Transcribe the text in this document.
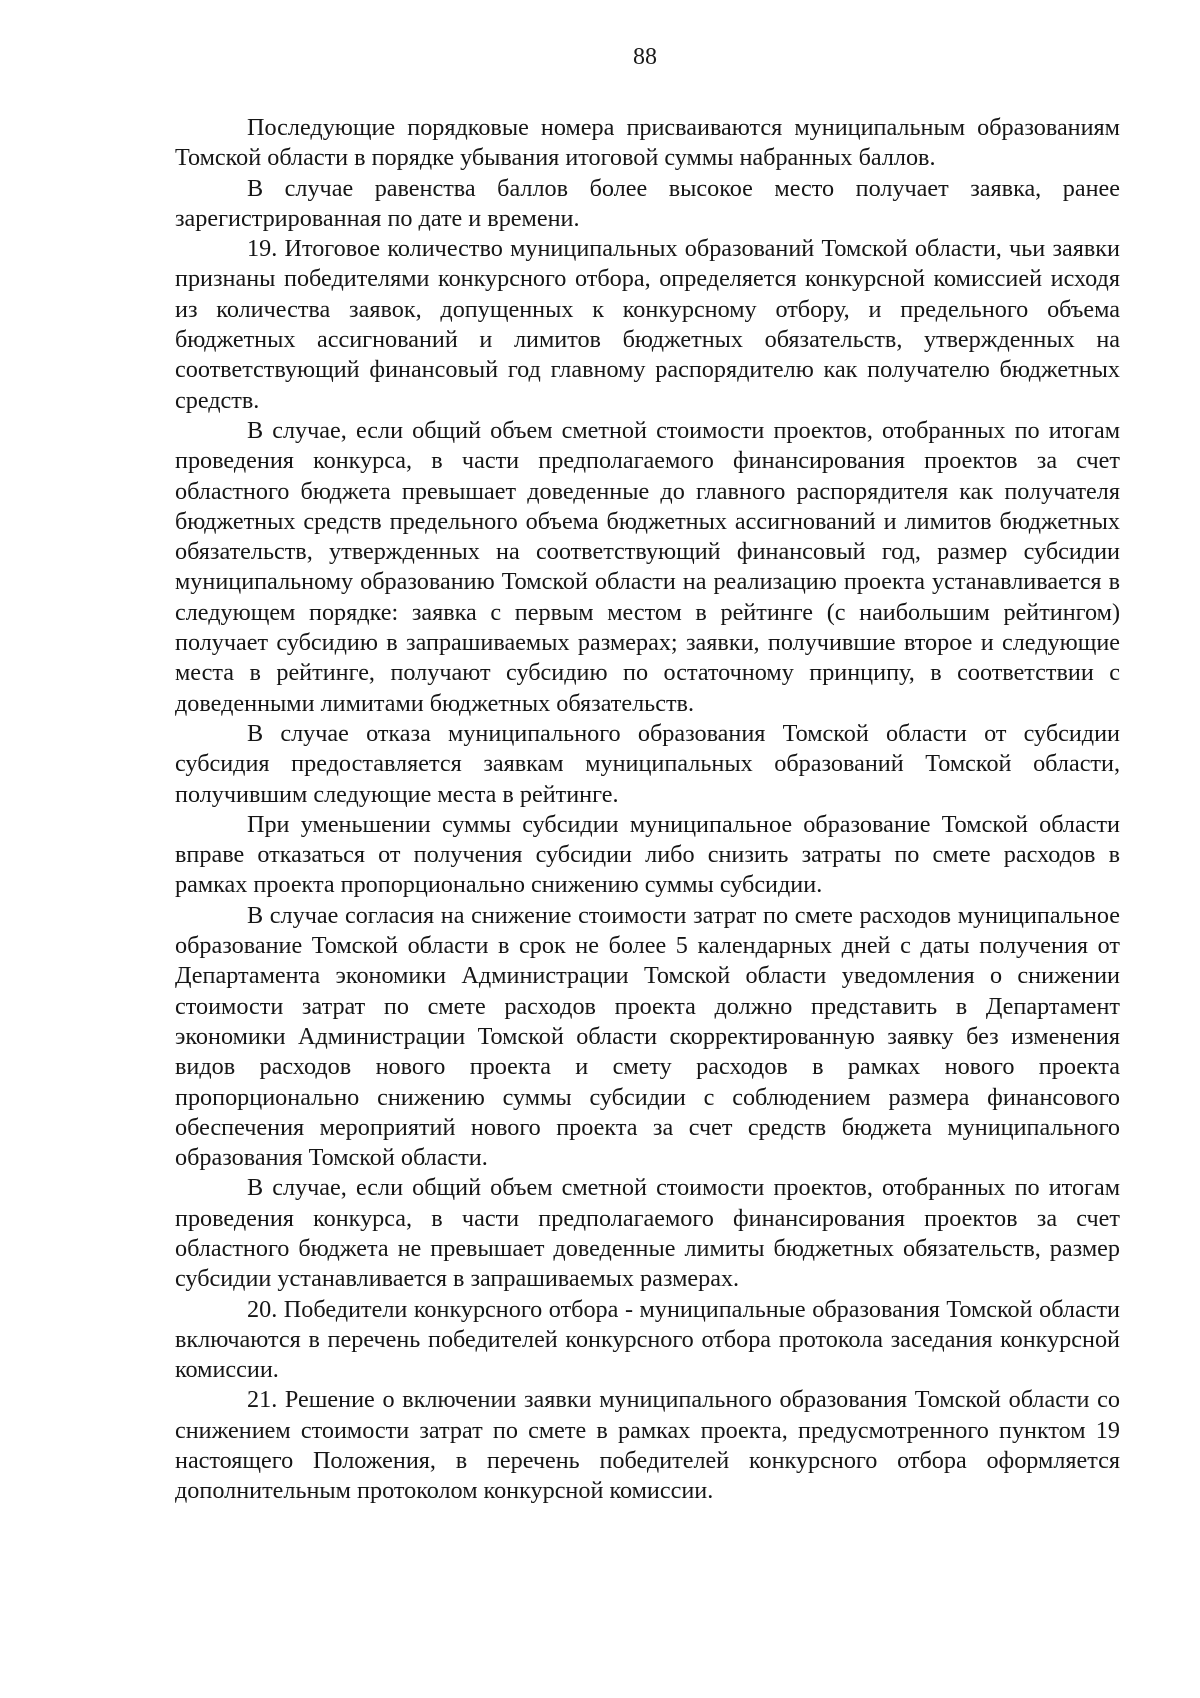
88

Последующие порядковые номера присваиваются муниципальным образованиям Томской области в порядке убывания итоговой суммы набранных баллов.

В случае равенства баллов более высокое место получает заявка, ранее зарегистрированная по дате и времени.

19. Итоговое количество муниципальных образований Томской области, чьи заявки признаны победителями конкурсного отбора, определяется конкурсной комиссией исходя из количества заявок, допущенных к конкурсному отбору, и предельного объема бюджетных ассигнований и лимитов бюджетных обязательств, утвержденных на соответствующий финансовый год главному распорядителю как получателю бюджетных средств.

В случае, если общий объем сметной стоимости проектов, отобранных по итогам проведения конкурса, в части предполагаемого финансирования проектов за счет областного бюджета превышает доведенные до главного распорядителя как получателя бюджетных средств предельного объема бюджетных ассигнований и лимитов бюджетных обязательств, утвержденных на соответствующий финансовый год, размер субсидии муниципальному образованию Томской области на реализацию проекта устанавливается в следующем порядке: заявка с первым местом в рейтинге (с наибольшим рейтингом) получает субсидию в запрашиваемых размерах; заявки, получившие второе и следующие места в рейтинге, получают субсидию по остаточному принципу, в соответствии с доведенными лимитами бюджетных обязательств.

В случае отказа муниципального образования Томской области от субсидии субсидия предоставляется заявкам муниципальных образований Томской области, получившим следующие места в рейтинге.

При уменьшении суммы субсидии муниципальное образование Томской области вправе отказаться от получения субсидии либо снизить затраты по смете расходов в рамках проекта пропорционально снижению суммы субсидии.

В случае согласия на снижение стоимости затрат по смете расходов муниципальное образование Томской области в срок не более 5 календарных дней с даты получения от Департамента экономики Администрации Томской области уведомления о снижении стоимости затрат по смете расходов проекта должно представить в Департамент экономики Администрации Томской области скорректированную заявку без изменения видов расходов нового проекта и смету расходов в рамках нового проекта пропорционально снижению суммы субсидии с соблюдением размера финансового обеспечения мероприятий нового проекта за счет средств бюджета муниципального образования Томской области.

В случае, если общий объем сметной стоимости проектов, отобранных по итогам проведения конкурса, в части предполагаемого финансирования проектов за счет областного бюджета не превышает доведенные лимиты бюджетных обязательств, размер субсидии устанавливается в запрашиваемых размерах.

20. Победители конкурсного отбора - муниципальные образования Томской области включаются в перечень победителей конкурсного отбора протокола заседания конкурсной комиссии.

21. Решение о включении заявки муниципального образования Томской области со снижением стоимости затрат по смете в рамках проекта, предусмотренного пунктом 19 настоящего Положения, в перечень победителей конкурсного отбора оформляется дополнительным протоколом конкурсной комиссии.
